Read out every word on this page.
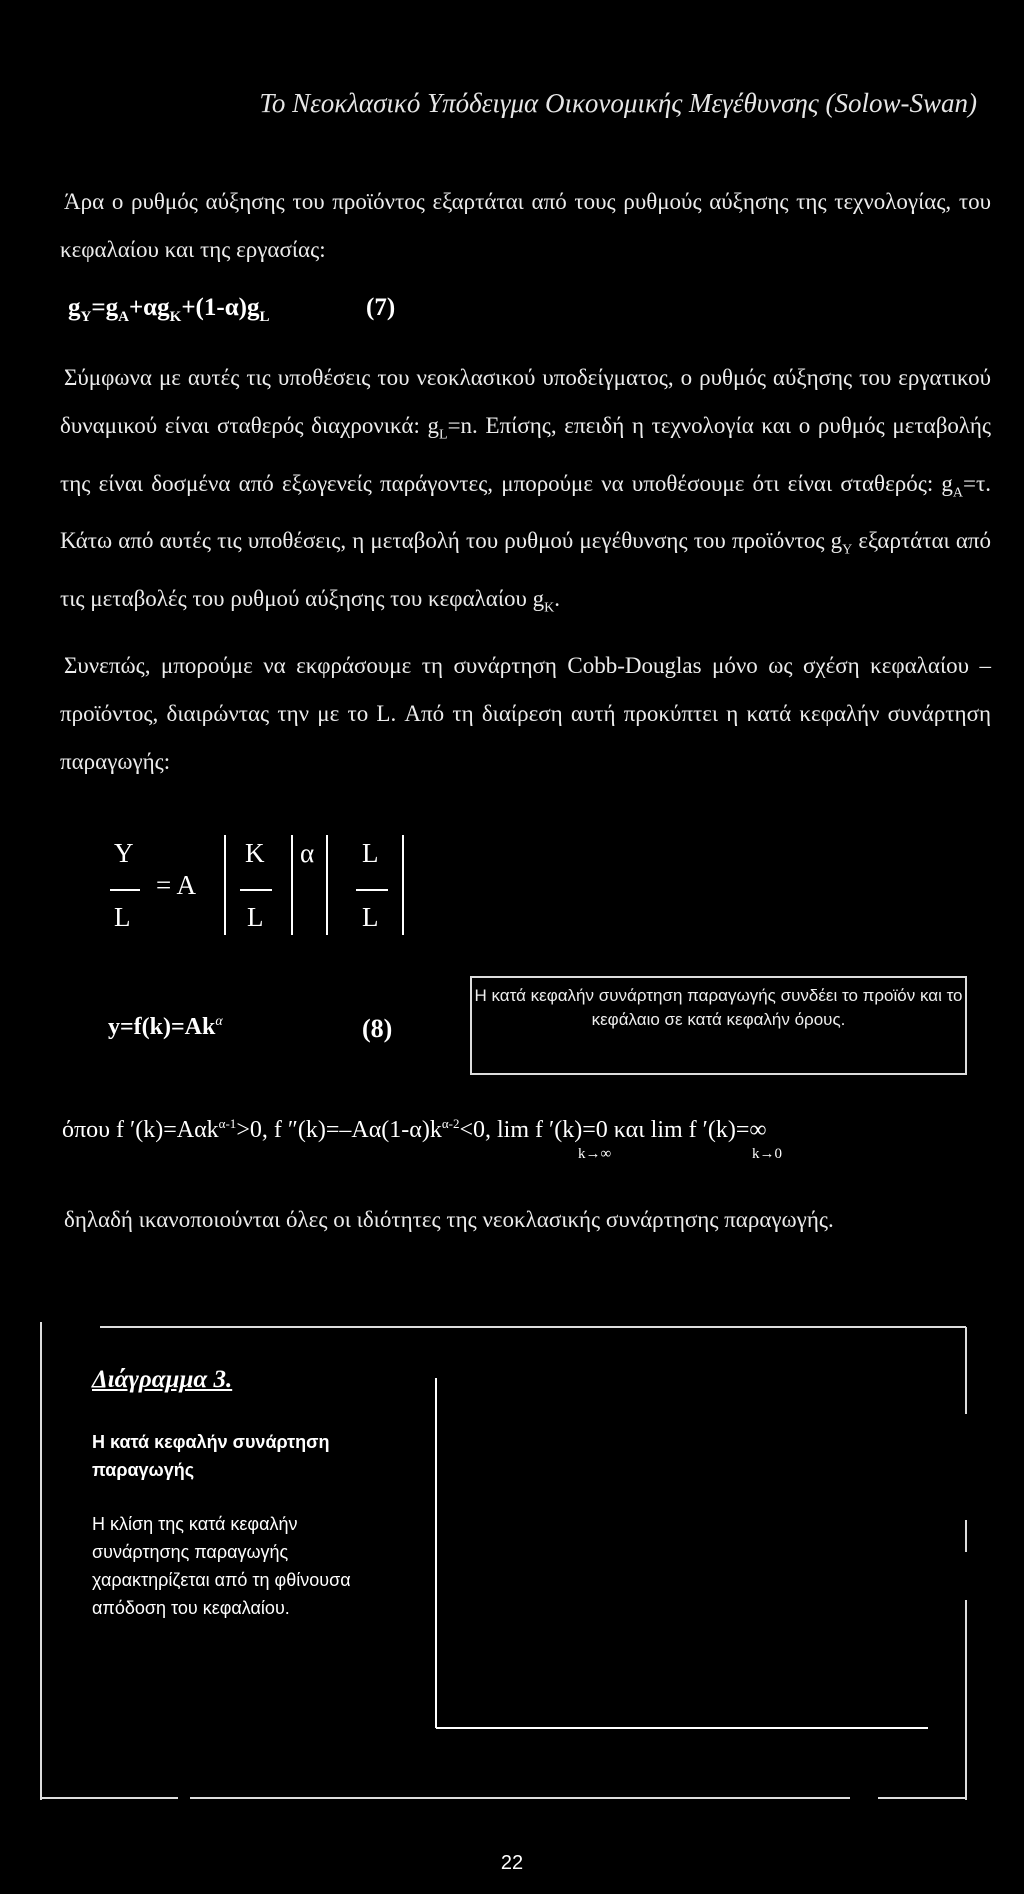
Το Νεοκλασικό Υπόδειγμα Οικονομικής Μεγέθυνσης (Solow-Swan)

Άρα ο ρυθμός αύξησης του προϊόντος εξαρτάται από τους ρυθμούς αύξησης της τεχνολογίας, του κεφαλαίου και της εργασίας:

$g_Y=g_A+\alpha g_K+(1-\alpha)g_L$	(7)

Σύμφωνα με αυτές τις υποθέσεις του νεοκλασικού υποδείγματος, ο ρυθμός αύξησης του εργατικού δυναμικού είναι σταθερός διαχρονικά: $g_L=n$. Επίσης, επειδή η τεχνολογία και ο ρυθμός μεταβολής της είναι δοσμένα από εξωγενείς παράγοντες, μπορούμε να υποθέσουμε ότι είναι σταθερός: $g_A=\tau$. Κάτω από αυτές τις υποθέσεις, η μεταβολή του ρυθμού μεγέθυνσης του προϊόντος $g_Y$ εξαρτάται από τις μεταβολές του ρυθμού αύξησης του κεφαλαίου $g_K$.

Συνεπώς, μπορούμε να εκφράσουμε τη συνάρτηση Cobb-Douglas μόνο ως σχέση κεφαλαίου – προϊόντος, διαιρώντας την με το L. Από τη διαίρεση αυτή προκύπτει η κατά κεφαλήν συνάρτηση παραγωγής:

Y
L
= A
K
L
α L
L
$y=f(k)=Ak^\alpha$	(8)
Η κατά κεφαλήν συνάρτηση παραγωγής συνδέει το προϊόν και το κεφάλαιο σε κατά κεφαλήν όρους.
όπου f ′(k)=Aαk$^{\alpha-1}$>0, f $''(k)=-A\alpha(1-\alpha)k^{\alpha-2}<0$, lim f ′(k)=0 και lim f ′(k)=∞
k→∞	k→0

δηλαδή ικανοποιούνται όλες οι ιδιότητες της νεοκλασικής συνάρτησης παραγωγής.

Διάγραμμα 3.
Η κατά κεφαλήν συνάρτηση παραγωγής
Η κλίση της κατά κεφαλήν συνάρτησης παραγωγής χαρακτηρίζεται από τη φθίνουσα απόδοση του κεφαλαίου.
22
